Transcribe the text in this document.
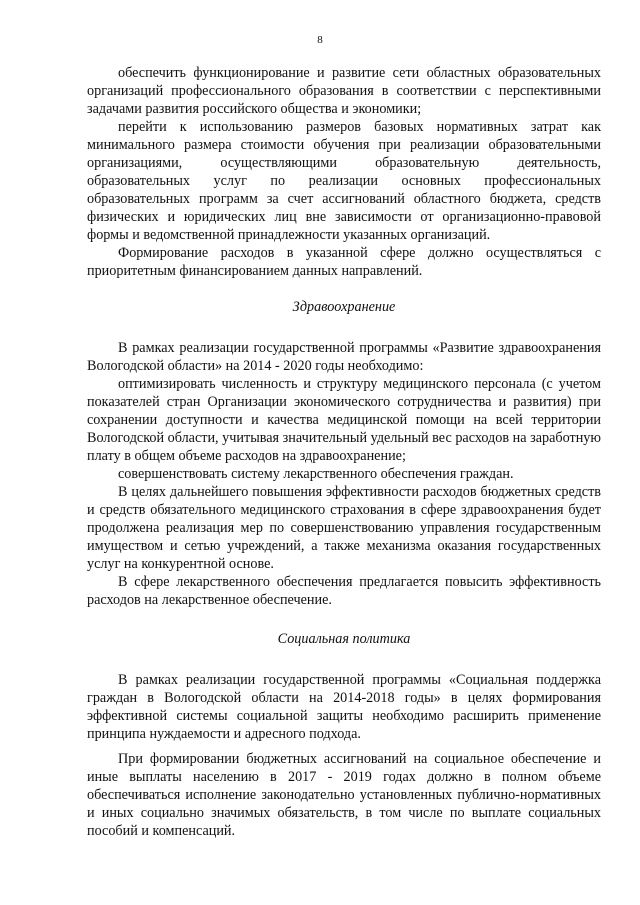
8

обеспечить функционирование и развитие сети областных образовательных организаций профессионального образования в соответствии с перспективными задачами развития российского общества и экономики;

перейти к использованию размеров базовых нормативных затрат как минимального размера стоимости обучения при реализации образовательными организациями, осуществляющими образовательную деятельность, образовательных услуг по реализации основных профессиональных образовательных программ за счет ассигнований областного бюджета, средств физических и юридических лиц вне зависимости от организационно-правовой формы и ведомственной принадлежности указанных организаций.

Формирование расходов в указанной сфере должно осуществляться с приоритетным финансированием данных направлений.

Здравоохранение

В рамках реализации государственной программы «Развитие здравоохранения Вологодской области» на 2014 - 2020 годы необходимо:

оптимизировать численность и структуру медицинского персонала (с учетом показателей стран Организации экономического сотрудничества и развития) при сохранении доступности и качества медицинской помощи на всей территории Вологодской области, учитывая значительный удельный вес расходов на заработную плату в общем объеме расходов на здравоохранение;

совершенствовать систему лекарственного обеспечения граждан.

В целях дальнейшего повышения эффективности расходов бюджетных средств и средств обязательного медицинского страхования в сфере здравоохранения будет продолжена реализация мер по совершенствованию управления государственным имуществом и сетью учреждений, а также механизма оказания государственных услуг на конкурентной основе.

В сфере лекарственного обеспечения предлагается повысить эффективность расходов на лекарственное обеспечение.

Социальная политика

В рамках реализации государственной программы «Социальная поддержка граждан в Вологодской области на 2014-2018 годы» в целях формирования эффективной системы социальной защиты необходимо расширить применение принципа нуждаемости и адресного подхода.

При формировании бюджетных ассигнований на социальное обеспечение и иные выплаты населению в 2017 - 2019 годах должно в полном объеме обеспечиваться исполнение законодательно установленных публично-нормативных и иных социально значимых обязательств, в том числе по выплате социальных пособий и компенсаций.
